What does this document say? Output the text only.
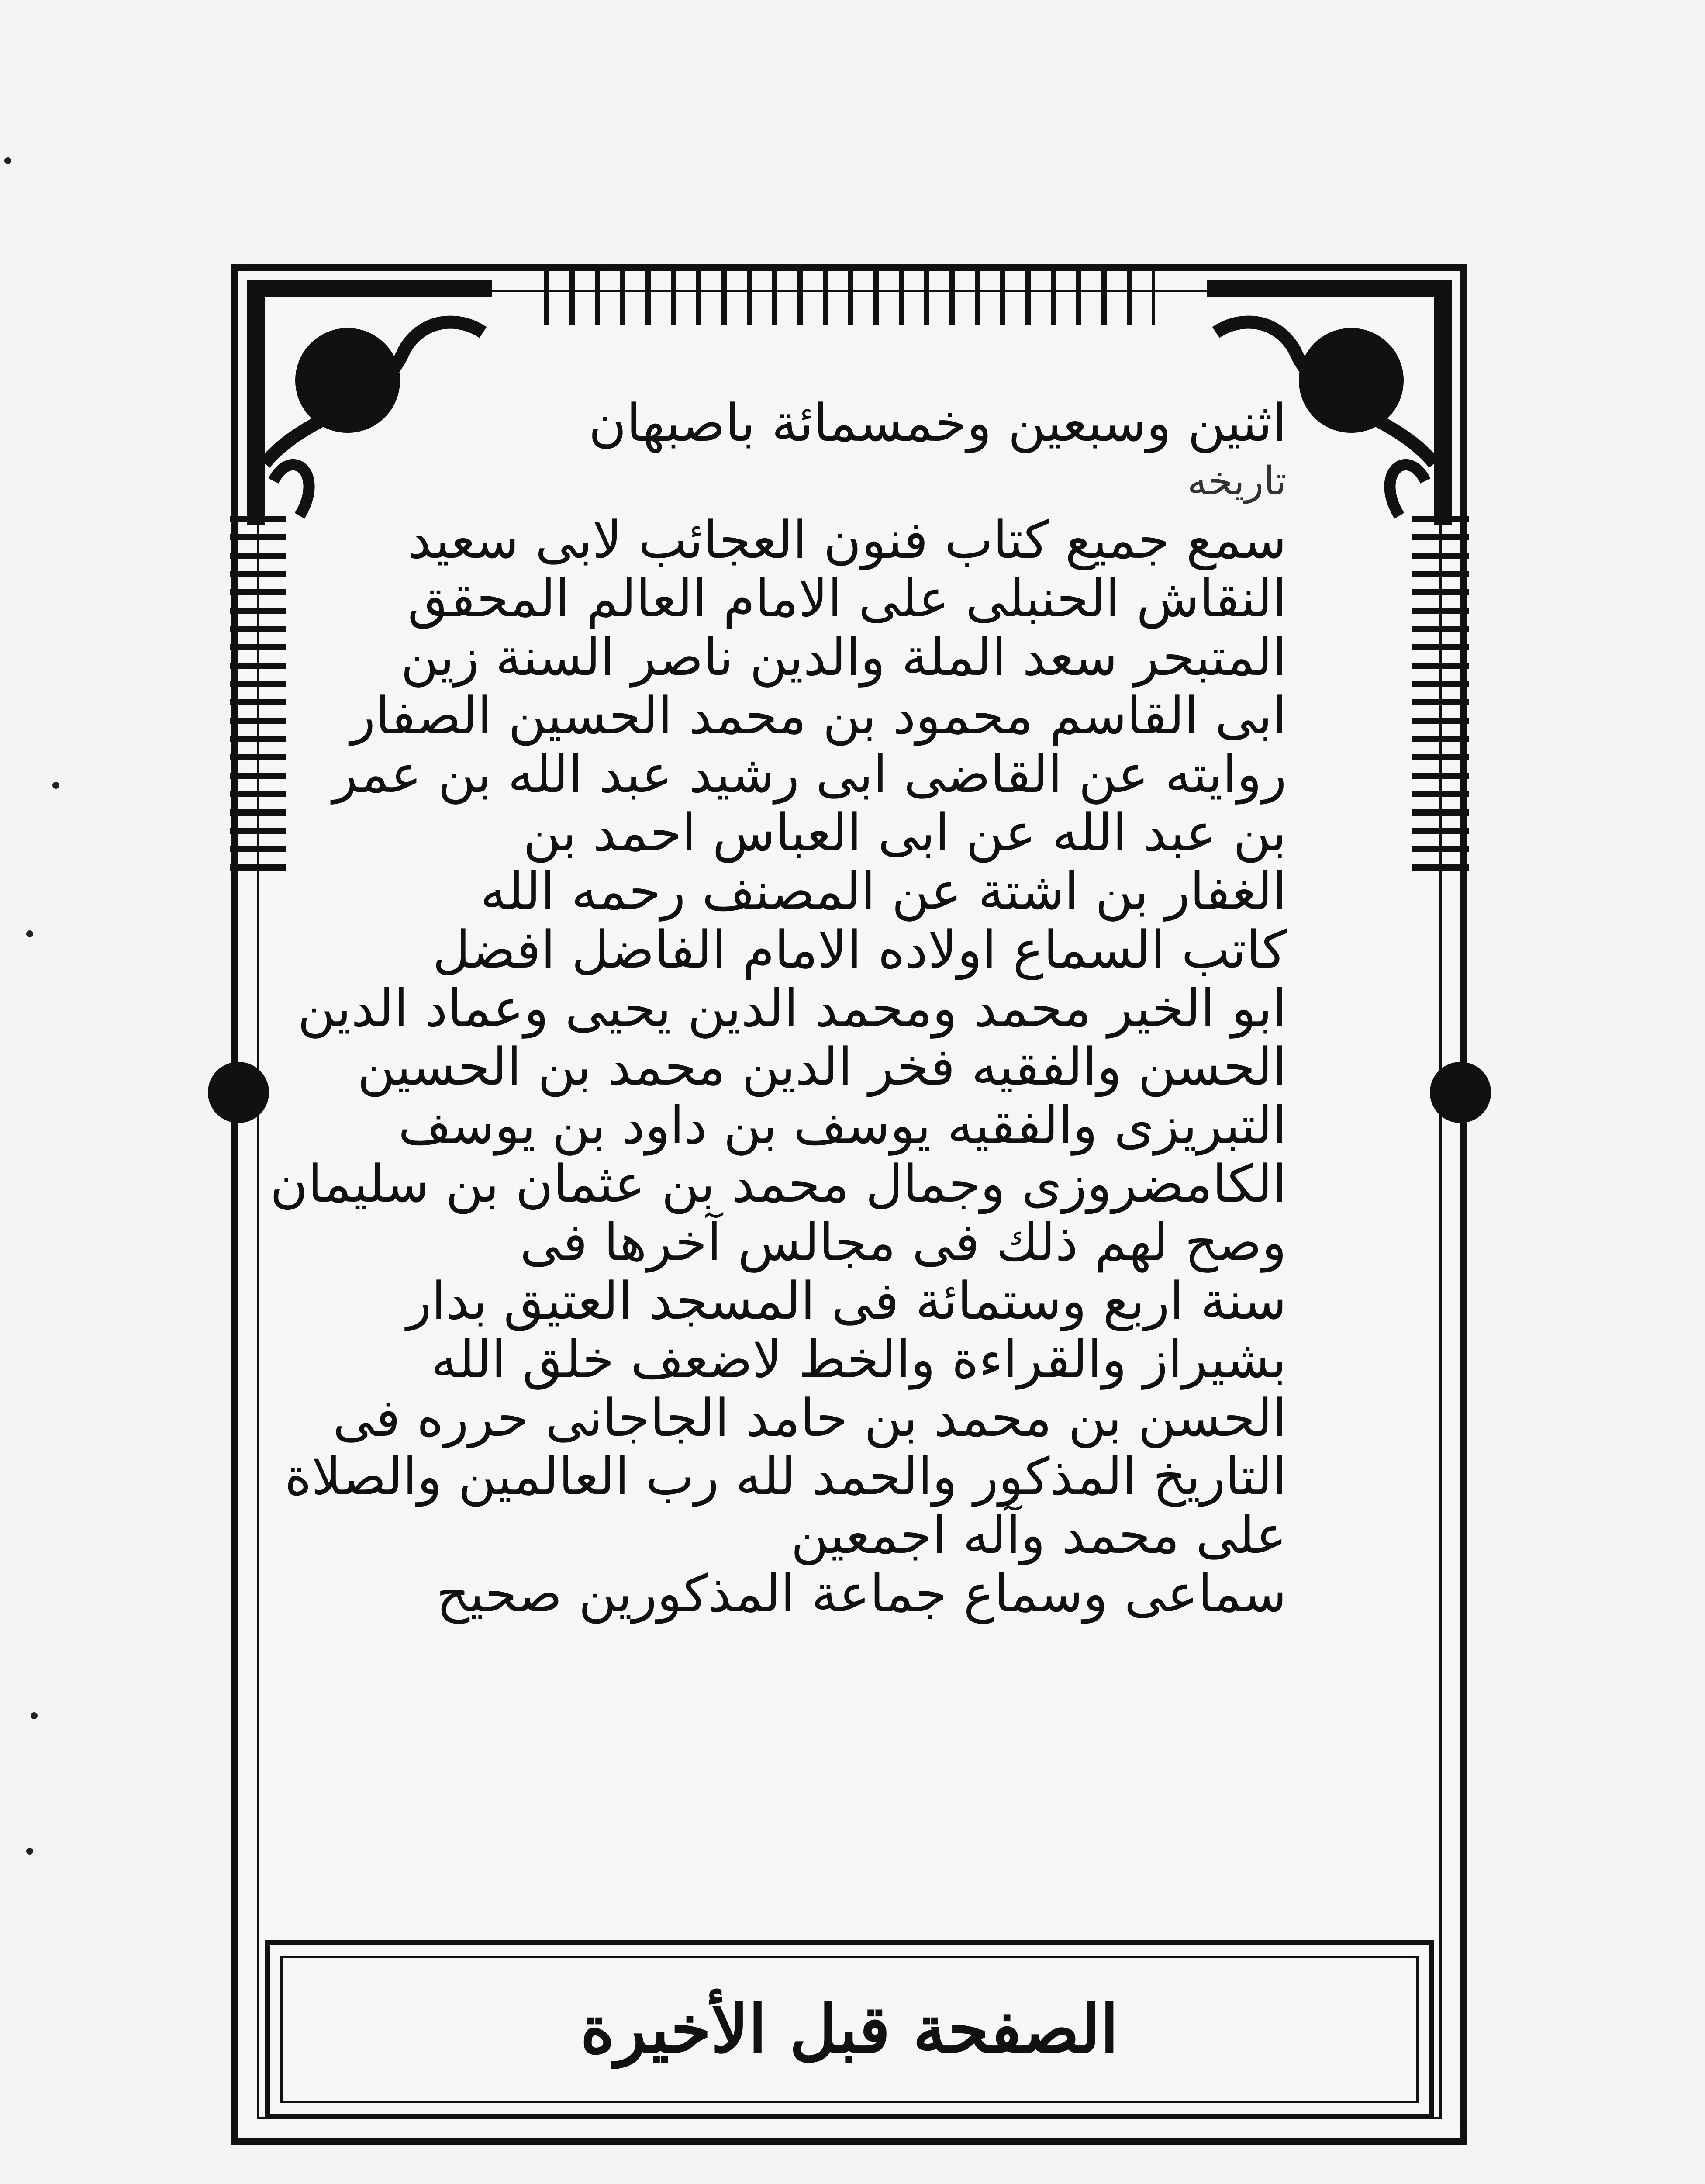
اثنين وسبعين وخمسمائة باصبهان

تاريخه

سمع جميع كتاب فنون العجائب لابى سعيد

النقاش الحنبلى على الامام العالم المحقق

المتبحر سعد الملة والدين ناصر السنة زين

ابى القاسم محمود بن محمد الحسين الصفار

روايته عن القاضى ابى رشيد عبد الله بن عمر

بن عبد الله عن ابى العباس احمد بن

الغفار بن اشتة عن المصنف رحمه الله

كاتب السماع اولاده الامام الفاضل افضل

ابو الخير محمد ومحمد الدين يحيى وعماد الدين

الحسن والفقيه فخر الدين محمد بن الحسين

التبريزى والفقيه يوسف بن داود بن يوسف

الكامضروزى وجمال محمد بن عثمان بن سليمان

وصح لهم ذلك فى مجالس آخرها فى

سنة اربع وستمائة فى المسجد العتيق بدار

بشيراز والقراءة والخط لاضعف خلق الله

الحسن بن محمد بن حامد الجاجانى حرره فى

التاريخ المذكور والحمد لله رب العالمين والصلاة

على محمد وآله اجمعين

سماعى وسماع جماعة المذكورين صحيح

الصفحة قبل الأخيرة
